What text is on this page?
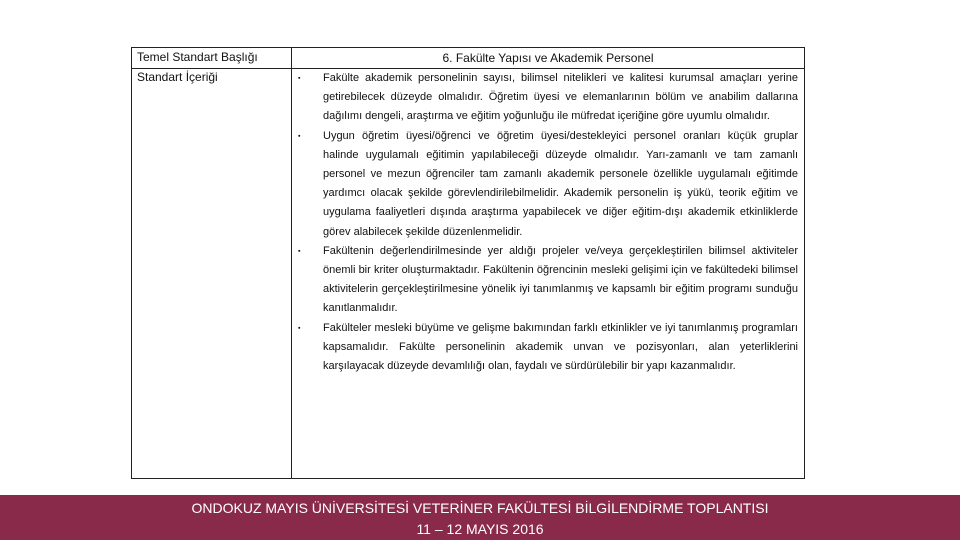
Temel Standart Başlığı	6. Fakülte Yapısı ve Akademik Personel
Standart İçeriği	▪ Fakülte akademik personelinin sayısı, bilimsel nitelikleri ve kalitesi kurumsal amaçları yerine getirebilecek düzeyde olmalıdır. Öğretim üyesi ve elemanlarının bölüm ve anabilim dallarına dağılımı dengeli, araştırma ve eğitim yoğunluğu ile müfredat içeriğine göre uyumlu olmalıdır.

▪ Uygun öğretim üyesi/öğrenci ve öğretim üyesi/destekleyici personel oranları küçük gruplar halinde uygulamalı eğitimin yapılabileceği düzeyde olmalıdır. Yarı-zamanlı ve tam zamanlı personel ve mezun öğrenciler tam zamanlı akademik personele özellikle uygulamalı eğitimde yardımcı olacak şekilde görevlendirilebilmelidir. Akademik personelin iş yükü, teorik eğitim ve uygulama faaliyetleri dışında araştırma yapabilecek ve diğer eğitim-dışı akademik etkinliklerde görev alabilecek şekilde düzenlenmelidir.

▪ Fakültenin değerlendirilmesinde yer aldığı projeler ve/veya gerçekleştirilen bilimsel aktiviteler önemli bir kriter oluşturmaktadır. Fakültenin öğrencinin mesleki gelişimi için ve fakültedeki bilimsel aktivitelerin gerçekleştirilmesine yönelik iyi tanımlanmış ve kapsamlı bir eğitim programı sunduğu kanıtlanmalıdır.

▪ Fakülteler mesleki büyüme ve gelişme bakımından farklı etkinlikler ve iyi tanımlanmış programları kapsamalıdır. Fakülte personelinin akademik unvan ve pozisyonları, alan yeterliklerini karşılayacak düzeyde devamlılığı olan, faydalı ve sürdürülebilir bir yapı kazanmalıdır.

ONDOKUZ MAYIS ÜNİVERSİTESİ VETERİNER FAKÜLTESİ BİLGİLENDİRME TOPLANTISI
11 – 12 MAYIS 2016
